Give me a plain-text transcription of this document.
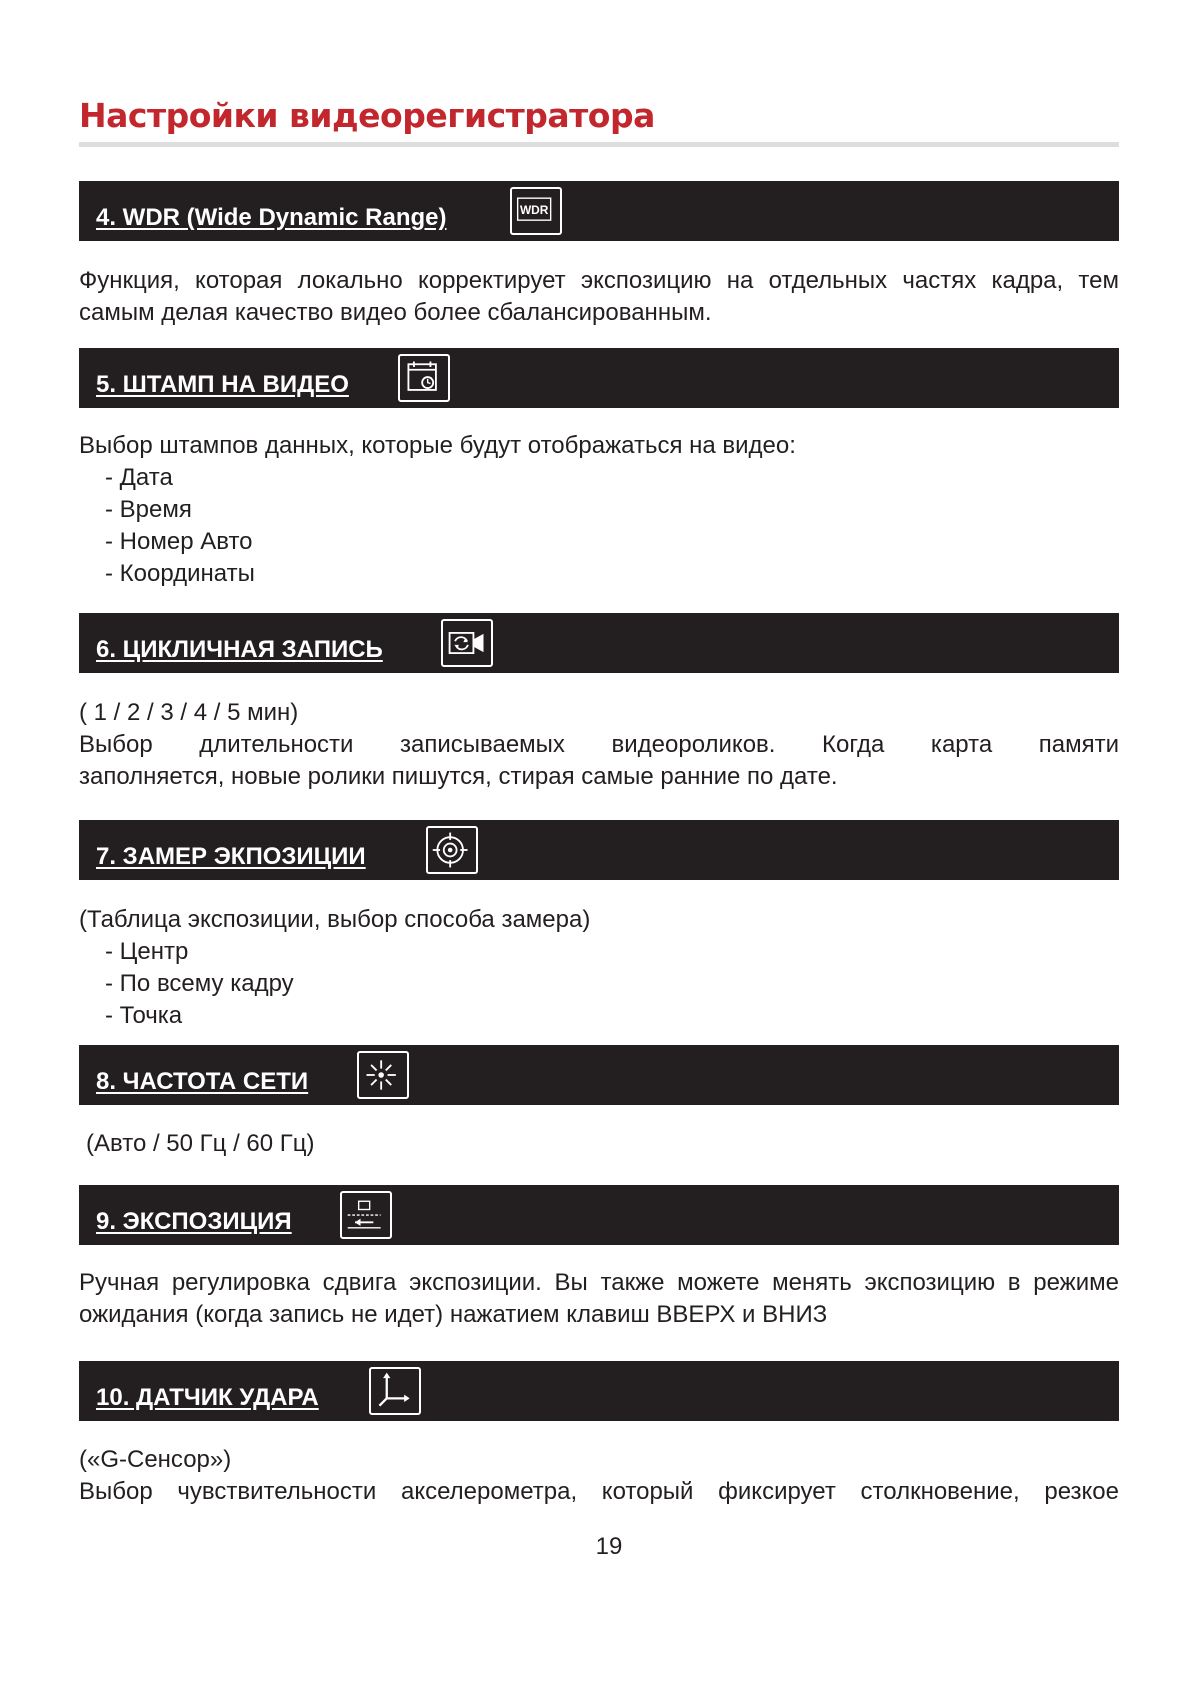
Настройки видеорегистратора
4. WDR (Wide Dynamic Range)	WDR

Функция, которая локально корректирует экспозицию на отдельных частях кадра, тем самым делая качество видео более сбалансированным.

5. ШТАМП НА ВИДЕО

Выбор штампов данных, которые будут отображаться на видео:

- Дата
- Время
- Номер Авто
- Координаты
6. ЦИКЛИЧНАЯ ЗАПИСЬ

( 1 / 2 / 3 / 4 / 5 мин)

Выбор длительности записываемых видеороликов. Когда карта памяти

заполняется, новые ролики пишутся, стирая самые ранние по дате.

7. ЗАМЕР ЭКПОЗИЦИИ

(Таблица экспозиции, выбор способа замера)

- Центр
- По всему кадру
- Точка
8. ЧАСТОТА СЕТИ

(Авто / 50 Гц / 60 Гц)

9. ЭКСПОЗИЦИЯ

Ручная регулировка сдвига экспозиции. Вы также можете менять экспозицию в режиме ожидания (когда запись не идет) нажатием клавиш ВВЕРХ и ВНИЗ

10. ДАТЧИК УДАРА

(«G-Сенсор»)

Выбор чувствительности акселерометра, который фиксирует столкновение, резкое

19
